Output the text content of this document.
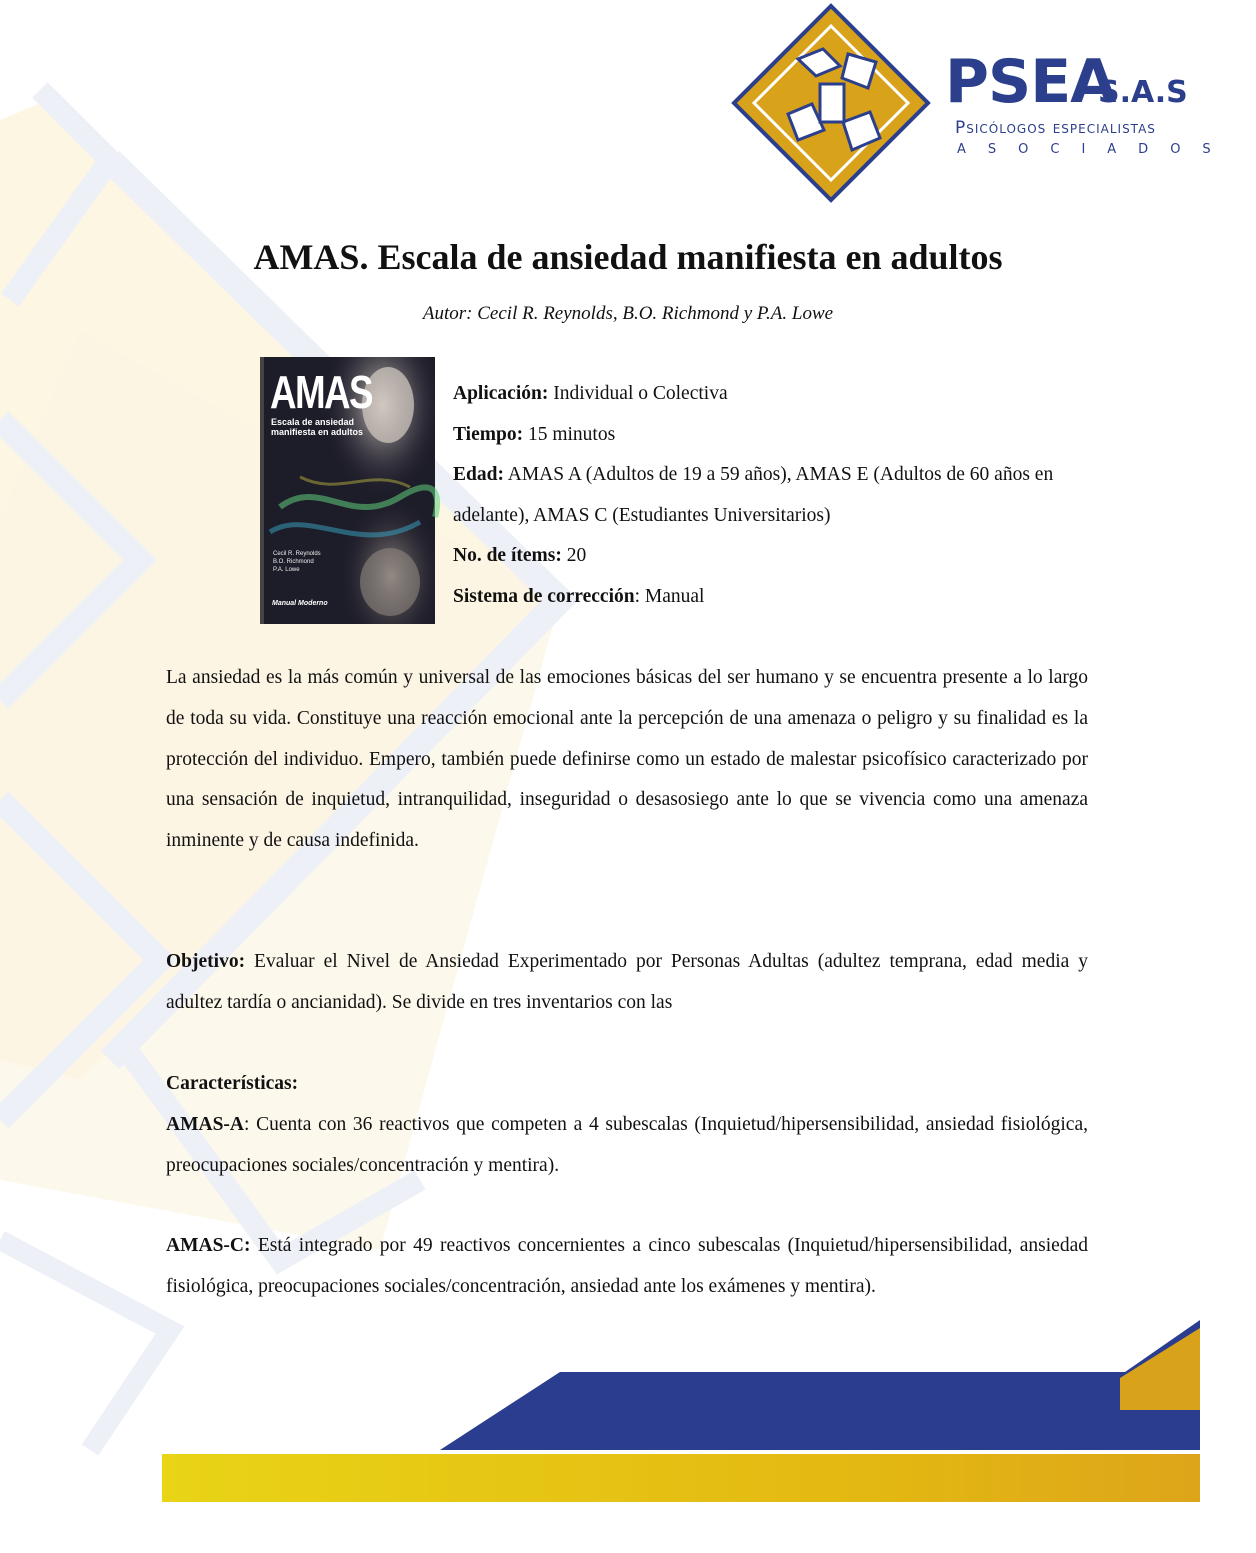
PSEA
S.A.S
Psicólogos especialistas
ASOCIADOS
AMAS. Escala de ansiedad manifiesta en adultos
Autor: Cecil R. Reynolds, B.O. Richmond y P.A. Lowe
AMAS
Escala de ansiedad manifiesta en adultos
Cecil R. Reynolds
B.O. Richmond
P.A. Lowe
Manual Moderno
Aplicación: Individual o Colectiva
Tiempo: 15 minutos
Edad: AMAS A (Adultos de 19 a 59 años), AMAS E (Adultos de 60 años en adelante), AMAS C (Estudiantes Universitarios)
No. de ítems: 20
Sistema de corrección: Manual
La ansiedad es la más común y universal de las emociones básicas del ser humano y se encuentra presente a lo largo de toda su vida. Constituye una reacción emocional ante la percepción de una amenaza o peligro y su finalidad es la protección del individuo. Empero, también puede definirse como un estado de malestar psicofísico caracterizado por una sensación de inquietud, intranquilidad, inseguridad o desasosiego ante lo que se vivencia como una amenaza inminente y de causa indefinida.
Objetivo: Evaluar el Nivel de Ansiedad Experimentado por Personas Adultas (adultez temprana, edad media y adultez tardía o ancianidad). Se divide en tres inventarios con las
Características:
AMAS-A: Cuenta con 36 reactivos que competen a 4 subescalas (Inquietud/hipersensibilidad, ansiedad fisiológica, preocupaciones sociales/concentración y mentira).
AMAS-C: Está integrado por 49 reactivos concernientes a cinco subescalas (Inquietud/hipersensibilidad, ansiedad fisiológica, preocupaciones sociales/concentración, ansiedad ante los exámenes y mentira).
